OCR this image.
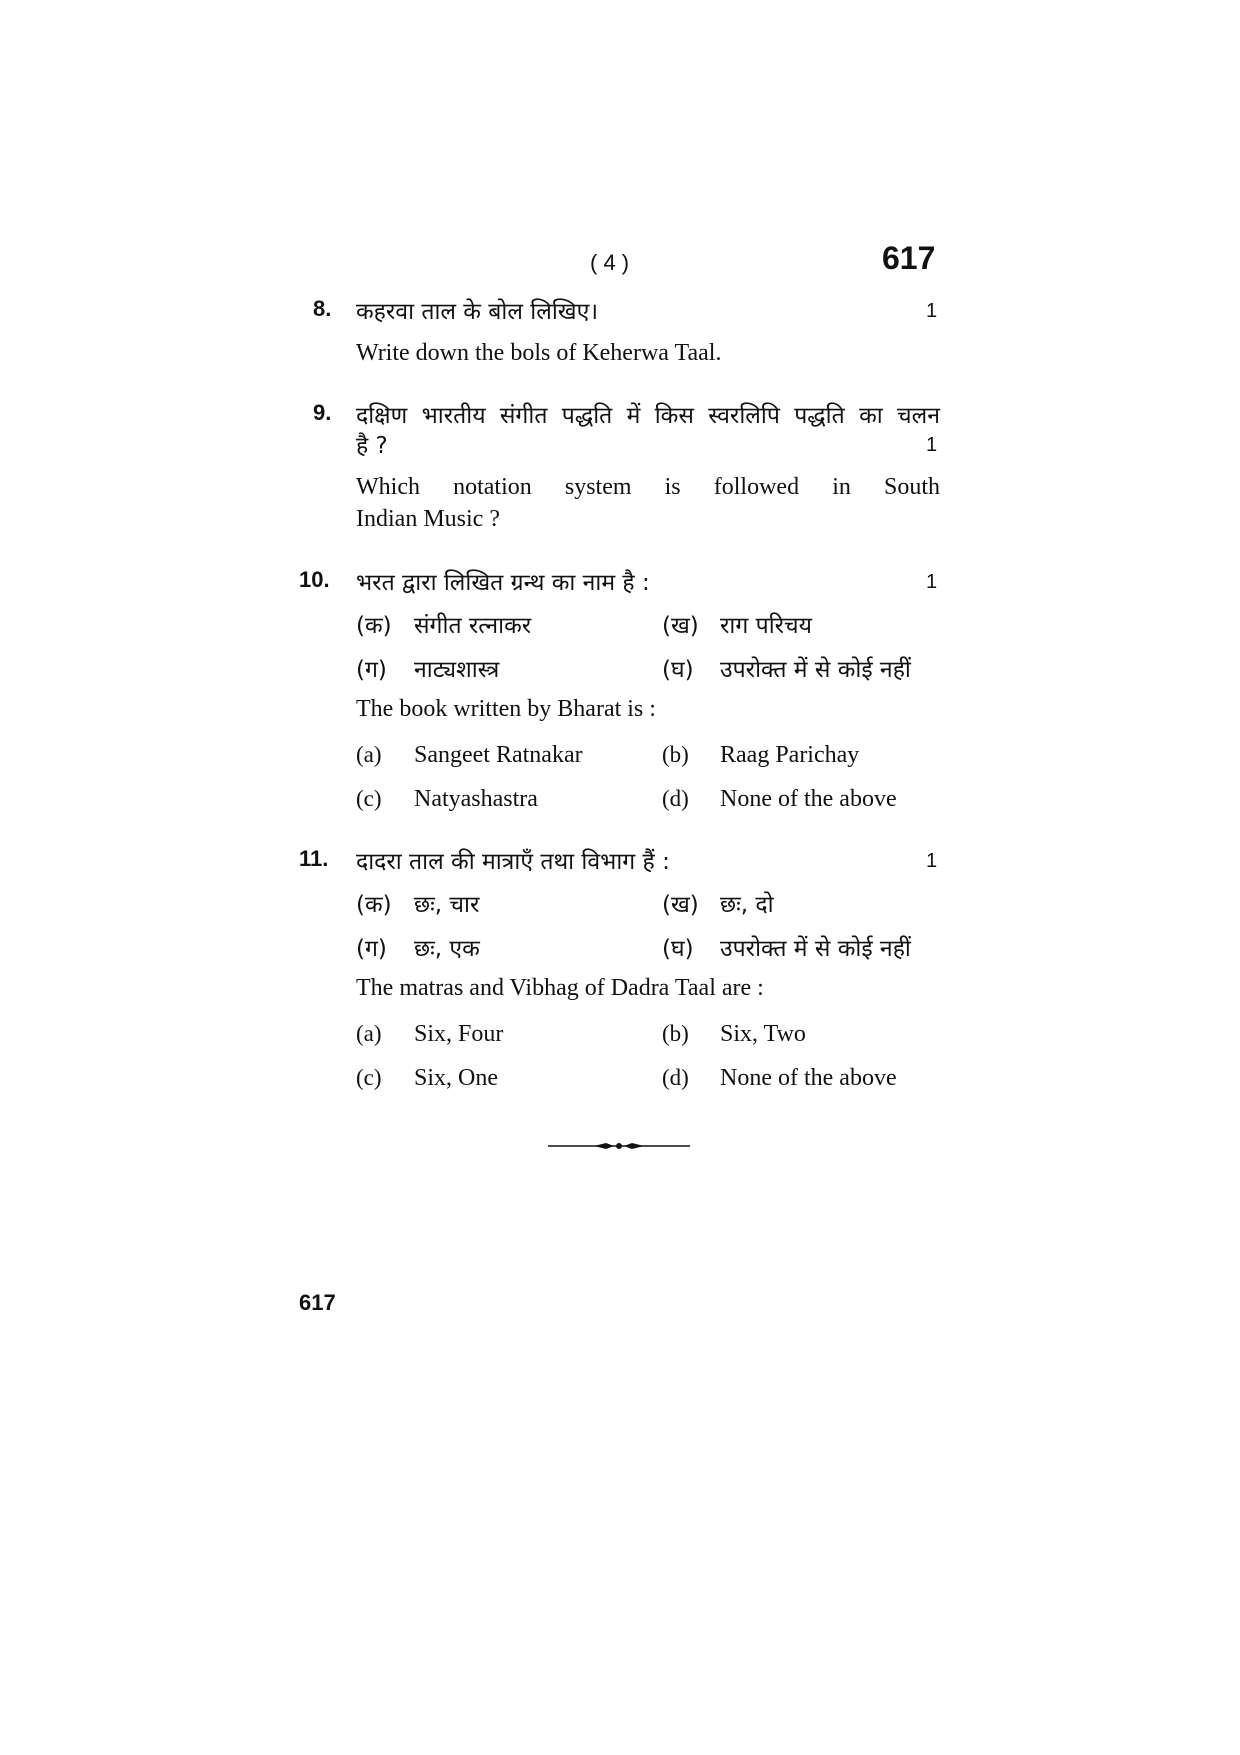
( 4 )	617
8. कहरवा ताल के बोल लिखिए।	1
Write down the bols of Keherwa Taal.
9. दक्षिण भारतीय संगीत पद्धति में किस स्वरलिपि पद्धति का चलन
है ?	1
Which notation system is followed in South
Indian Music ?
10. भरत द्वारा लिखित ग्रन्थ का नाम है :	1
(क) संगीत रत्नाकर	(ख) राग परिचय
(ग) नाट्यशास्त्र	(घ) उपरोक्त में से कोई नहीं
The book written by Bharat is :
(a) Sangeet Ratnakar	(b) Raag Parichay
(c) Natyashastra	(d) None of the above
11. दादरा ताल की मात्राएँ तथा विभाग हैं :	1
(क) छः, चार	(ख) छः, दो
(ग) छः, एक	(घ) उपरोक्त में से कोई नहीं
The matras and Vibhag of Dadra Taal are :
(a) Six, Four	(b) Six, Two
(c) Six, One	(d) None of the above
617
